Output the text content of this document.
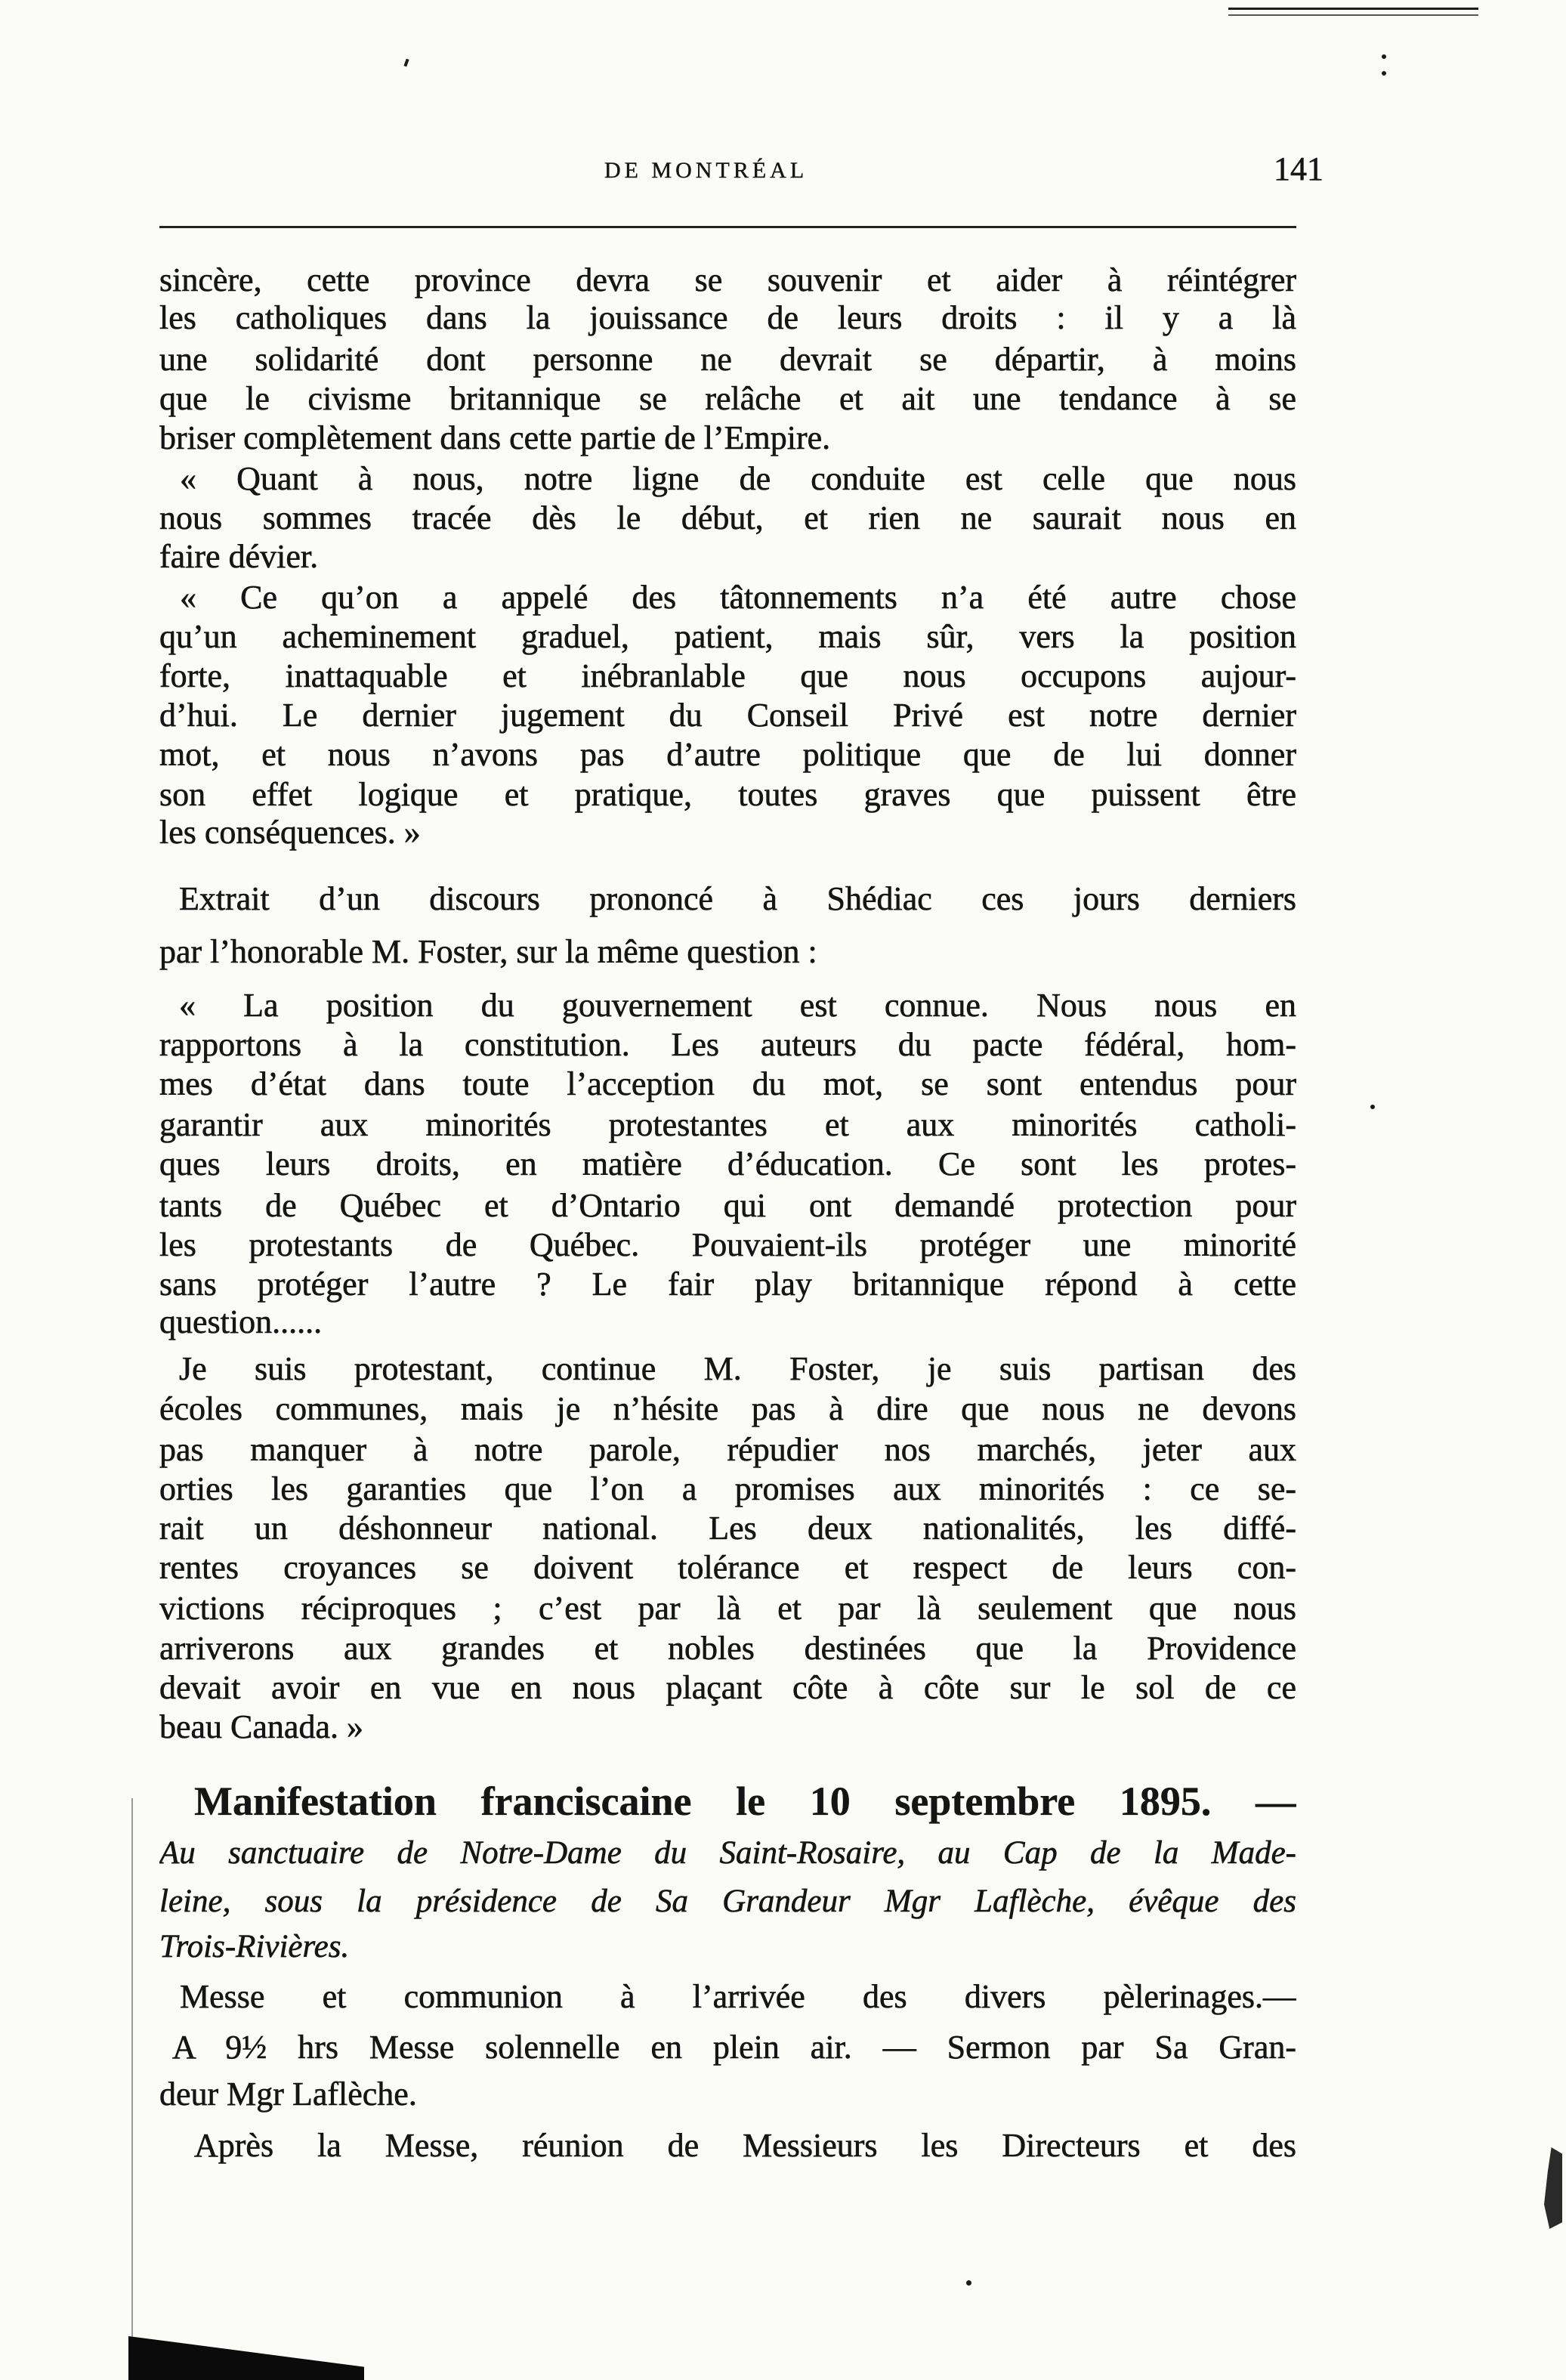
DE MONTRÉAL	141
sincère, cette province devra se souvenir et aider à réintégrer
les catholiques dans la jouissance de leurs droits : il y a là
une solidarité dont personne ne devrait se départir, à moins
que le civisme britannique se relâche et ait une tendance à se
briser complètement dans cette partie de l’Empire.
« Quant à nous, notre ligne de conduite est celle que nous
nous sommes tracée dès le début, et rien ne saurait nous en
faire dévier.
« Ce qu’on a appelé des tâtonnements n’a été autre chose
qu’un acheminement graduel, patient, mais sûr, vers la position
forte, inattaquable et inébranlable que nous occupons aujour-
d’hui. Le dernier jugement du Conseil Privé est notre dernier
mot, et nous n’avons pas d’autre politique que de lui donner
son effet logique et pratique, toutes graves que puissent être
les conséquences. »
Extrait d’un discours prononcé à Shédiac ces jours derniers
par l’honorable M. Foster, sur la même question :
« La position du gouvernement est connue. Nous nous en
rapportons à la constitution. Les auteurs du pacte fédéral, hom-
mes d’état dans toute l’acception du mot, se sont entendus pour
garantir aux minorités protestantes et aux minorités catholi-
ques leurs droits, en matière d’éducation. Ce sont les protes-
tants de Québec et d’Ontario qui ont demandé protection pour
les protestants de Québec. Pouvaient-ils protéger une minorité
sans protéger l’autre ? Le fair play britannique répond à cette
question......
Je suis protestant, continue M. Foster, je suis partisan des
écoles communes, mais je n’hésite pas à dire que nous ne devons
pas manquer à notre parole, répudier nos marchés, jeter aux
orties les garanties que l’on a promises aux minorités : ce se-
rait un déshonneur national. Les deux nationalités, les diffé-
rentes croyances se doivent tolérance et respect de leurs con-
victions réciproques ; c’est par là et par là seulement que nous
arriverons aux grandes et nobles destinées que la Providence
devait avoir en vue en nous plaçant côte à côte sur le sol de ce
beau Canada. »
Manifestation franciscaine le 10 septembre 1895. —
Au sanctuaire de Notre-Dame du Saint-Rosaire, au Cap de la Made-
leine, sous la présidence de Sa Grandeur Mgr Laflèche, évêque des
Trois-Rivières.
Messe et communion à l’arrivée des divers pèlerinages.—
A 9½ hrs Messe solennelle en plein air. — Sermon par Sa Gran-
deur Mgr Laflèche.
Après la Messe, réunion de Messieurs les Directeurs et des
